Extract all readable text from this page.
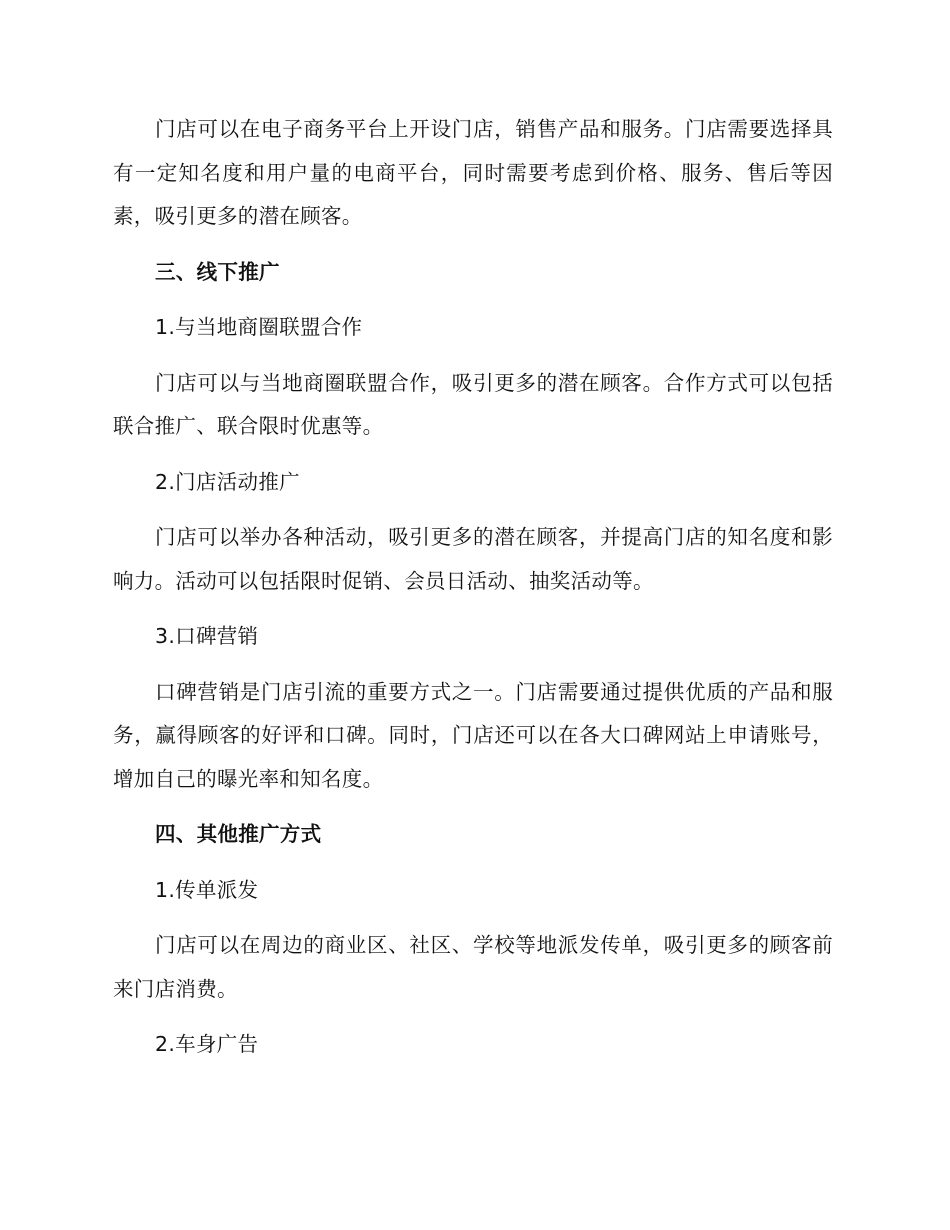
门店可以在电子商务平台上开设门店，销售产品和服务。门店需要选择具有一定知名度和用户量的电商平台，同时需要考虑到价格、服务、售后等因素，吸引更多的潜在顾客。

三、线下推广

1.与当地商圈联盟合作

门店可以与当地商圈联盟合作，吸引更多的潜在顾客。合作方式可以包括联合推广、联合限时优惠等。

2.门店活动推广

门店可以举办各种活动，吸引更多的潜在顾客，并提高门店的知名度和影响力。活动可以包括限时促销、会员日活动、抽奖活动等。

3.口碑营销

口碑营销是门店引流的重要方式之一。门店需要通过提供优质的产品和服务，赢得顾客的好评和口碑。同时，门店还可以在各大口碑网站上申请账号，增加自己的曝光率和知名度。

四、其他推广方式

1.传单派发

门店可以在周边的商业区、社区、学校等地派发传单，吸引更多的顾客前来门店消费。

2.车身广告
